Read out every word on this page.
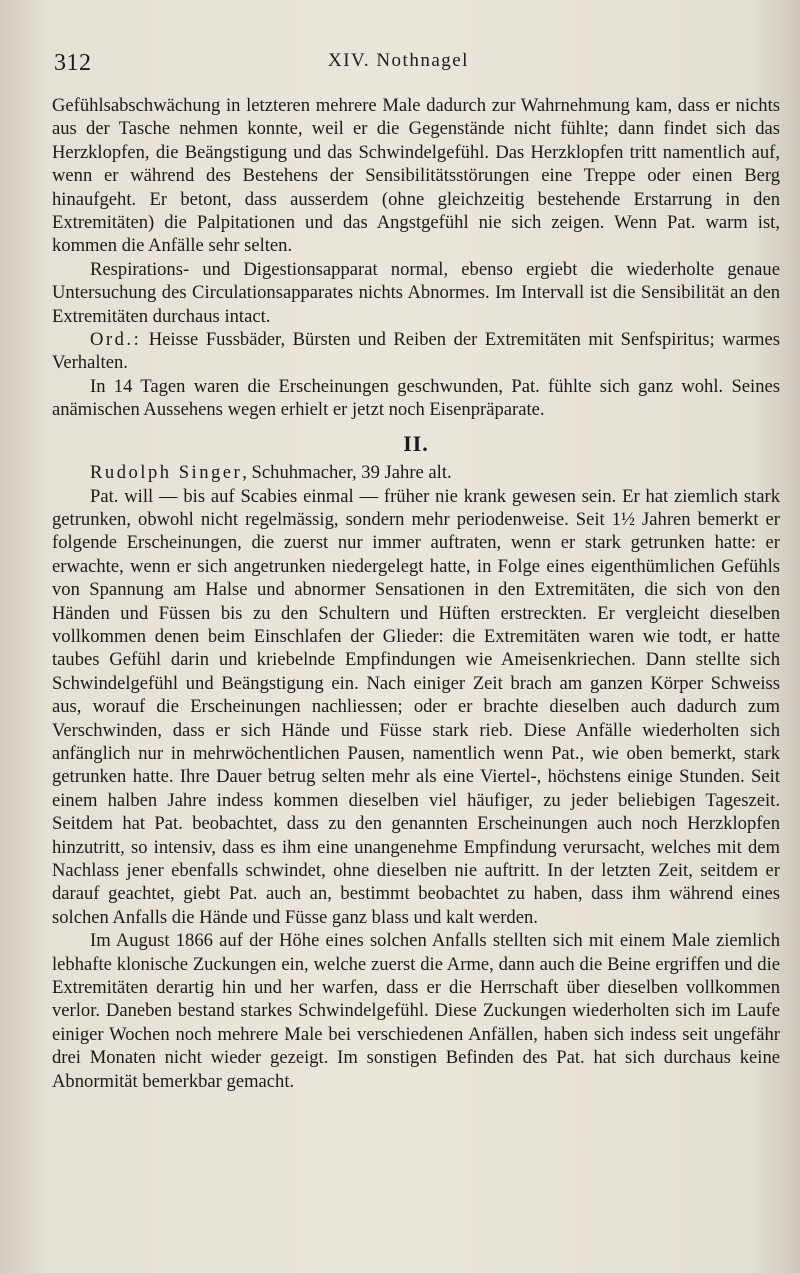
312	XIV. Nothnagel

Gefühlsabschwächung in letzteren mehrere Male dadurch zur Wahrnehmung kam, dass er nichts aus der Tasche nehmen konnte, weil er die Gegenstände nicht fühlte; dann findet sich das Herzklopfen, die Beängstigung und das Schwindelgefühl. Das Herzklopfen tritt namentlich auf, wenn er während des Bestehens der Sensibilitätsstörungen eine Treppe oder einen Berg hinaufgeht. Er betont, dass ausserdem (ohne gleichzeitig bestehende Erstarrung in den Extremitäten) die Palpitationen und das Angstgefühl nie sich zeigen. Wenn Pat. warm ist, kommen die Anfälle sehr selten.

Respirations- und Digestionsapparat normal, ebenso ergiebt die wiederholte genaue Untersuchung des Circulationsapparates nichts Abnormes. Im Intervall ist die Sensibilität an den Extremitäten durchaus intact.

Ord.: Heisse Fussbäder, Bürsten und Reiben der Extremitäten mit Senfspiritus; warmes Verhalten.

In 14 Tagen waren die Erscheinungen geschwunden, Pat. fühlte sich ganz wohl. Seines anämischen Aussehens wegen erhielt er jetzt noch Eisenpräparate.

II.

Rudolph Singer, Schuhmacher, 39 Jahre alt.

Pat. will — bis auf Scabies einmal — früher nie krank gewesen sein. Er hat ziemlich stark getrunken, obwohl nicht regelmässig, sondern mehr periodenweise. Seit 1½ Jahren bemerkt er folgende Erscheinungen, die zuerst nur immer auftraten, wenn er stark getrunken hatte: er erwachte, wenn er sich angetrunken niedergelegt hatte, in Folge eines eigenthümlichen Gefühls von Spannung am Halse und abnormer Sensationen in den Extremitäten, die sich von den Händen und Füssen bis zu den Schultern und Hüften erstreckten. Er vergleicht dieselben vollkommen denen beim Einschlafen der Glieder: die Extremitäten waren wie todt, er hatte taubes Gefühl darin und kriebelnde Empfindungen wie Ameisenkriechen. Dann stellte sich Schwindelgefühl und Beängstigung ein. Nach einiger Zeit brach am ganzen Körper Schweiss aus, worauf die Erscheinungen nachliessen; oder er brachte dieselben auch dadurch zum Verschwinden, dass er sich Hände und Füsse stark rieb. Diese Anfälle wiederholten sich anfänglich nur in mehrwöchentlichen Pausen, namentlich wenn Pat., wie oben bemerkt, stark getrunken hatte. Ihre Dauer betrug selten mehr als eine Viertel-, höchstens einige Stunden. Seit einem halben Jahre indess kommen dieselben viel häufiger, zu jeder beliebigen Tageszeit. Seitdem hat Pat. beobachtet, dass zu den genannten Erscheinungen auch noch Herzklopfen hinzutritt, so intensiv, dass es ihm eine unangenehme Empfindung verursacht, welches mit dem Nachlass jener ebenfalls schwindet, ohne dieselben nie auftritt. In der letzten Zeit, seitdem er darauf geachtet, giebt Pat. auch an, bestimmt beobachtet zu haben, dass ihm während eines solchen Anfalls die Hände und Füsse ganz blass und kalt werden.

Im August 1866 auf der Höhe eines solchen Anfalls stellten sich mit einem Male ziemlich lebhafte klonische Zuckungen ein, welche zuerst die Arme, dann auch die Beine ergriffen und die Extremitäten derartig hin und her warfen, dass er die Herrschaft über dieselben vollkommen verlor. Daneben bestand starkes Schwindelgefühl. Diese Zuckungen wiederholten sich im Laufe einiger Wochen noch mehrere Male bei verschiedenen Anfällen, haben sich indess seit ungefähr drei Monaten nicht wieder gezeigt. Im sonstigen Befinden des Pat. hat sich durchaus keine Abnormität bemerkbar gemacht.
